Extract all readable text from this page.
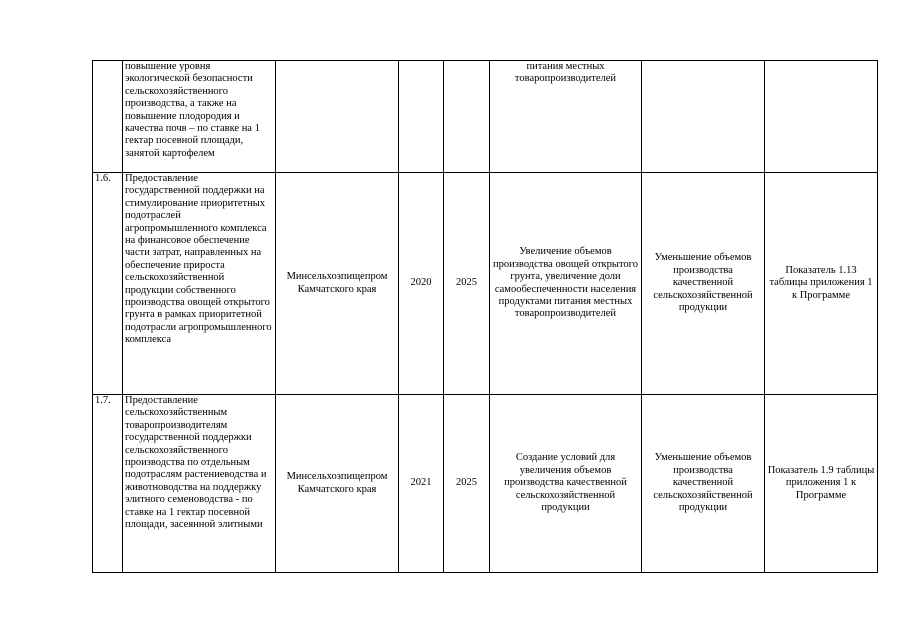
	повышение уровня экологической безопасности сельскохозяйственного производства, а также на повышение плодородия и качества почв – по ставке на 1 гектар посевной площади, занятой картофелем				питания местных товаропроизводителей		
1.6.	Предоставление государственной поддержки на стимулирование приоритетных подотраслей агропромышленного комплекса на финансовое обеспечение части затрат, направленных на обеспечение прироста сельскохозяйственной продукции собственного производства овощей открытого грунта в рамках приоритетной подотрасли агропромышленного комплекса	Минсельхозпищепром Камчатского края	2020	2025	Увеличение объемов производства овощей открытого грунта, увеличение доли самообеспеченности населения продуктами питания местных товаропроизводителей	Уменьшение объемов производства качественной сельскохозяйственной продукции	Показатель 1.13 таблицы приложения 1 к Программе
1.7.	Предоставление сельскохозяйственным товаропроизводителям государственной поддержки сельскохозяйственного производства по отдельным подотраслям растениеводства и животноводства на поддержку элитного семеноводства - по ставке на 1 гектар посевной площади, засеянной элитными	Минсельхозпищепром Камчатского края	2021	2025	Создание условий для увеличения объемов производства качественной сельскохозяйственной продукции	Уменьшение объемов производства качественной сельскохозяйственной продукции	Показатель 1.9 таблицы приложения 1 к Программе
